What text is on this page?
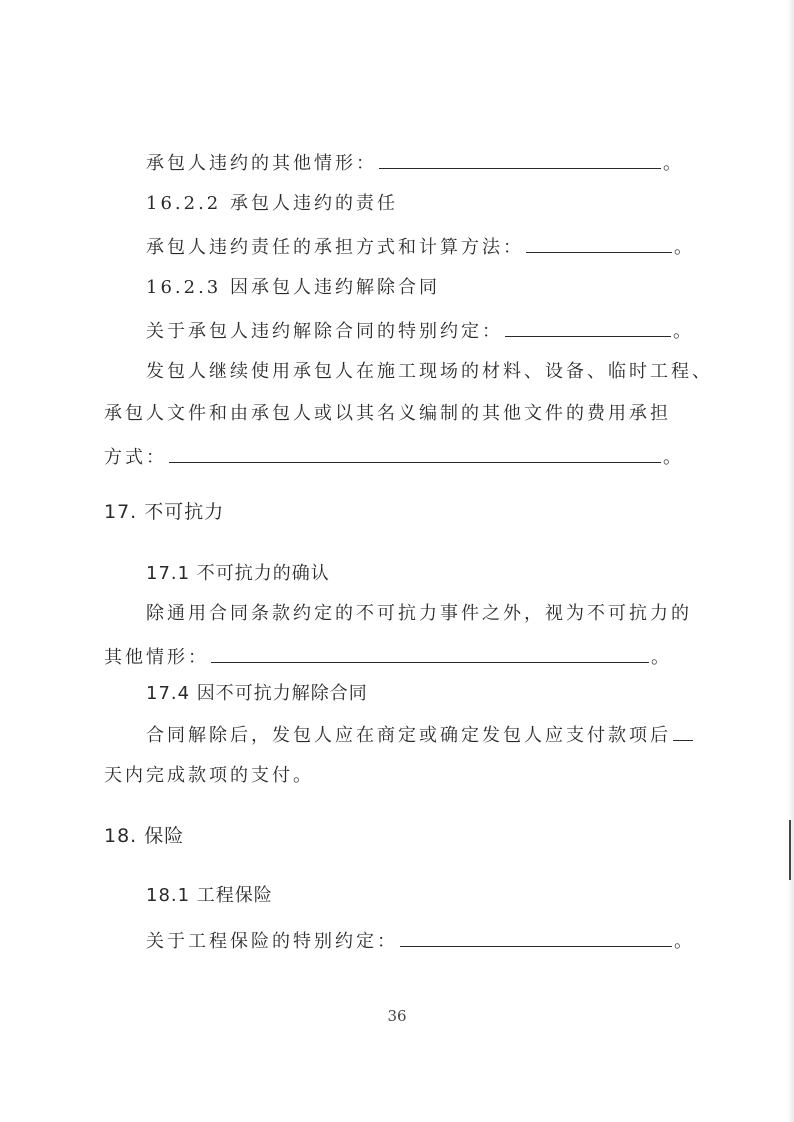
承包人违约的其他情形：	。
16.2.2 承包人违约的责任
承包人违约责任的承担方式和计算方法：	。
16.2.3 因承包人违约解除合同
关于承包人违约解除合同的特别约定：	。
发包人继续使用承包人在施工现场的材料、设备、临时工程、
承包人文件和由承包人或以其名义编制的其他文件的费用承担
方式：	。
17. 不可抗力
17.1 不可抗力的确认
除通用合同条款约定的不可抗力事件之外，视为不可抗力的
其他情形：	。
17.4 因不可抗力解除合同
合同解除后，发包人应在商定或确定发包人应支付款项后
天内完成款项的支付。
18. 保险
18.1 工程保险
关于工程保险的特别约定：	。
36
